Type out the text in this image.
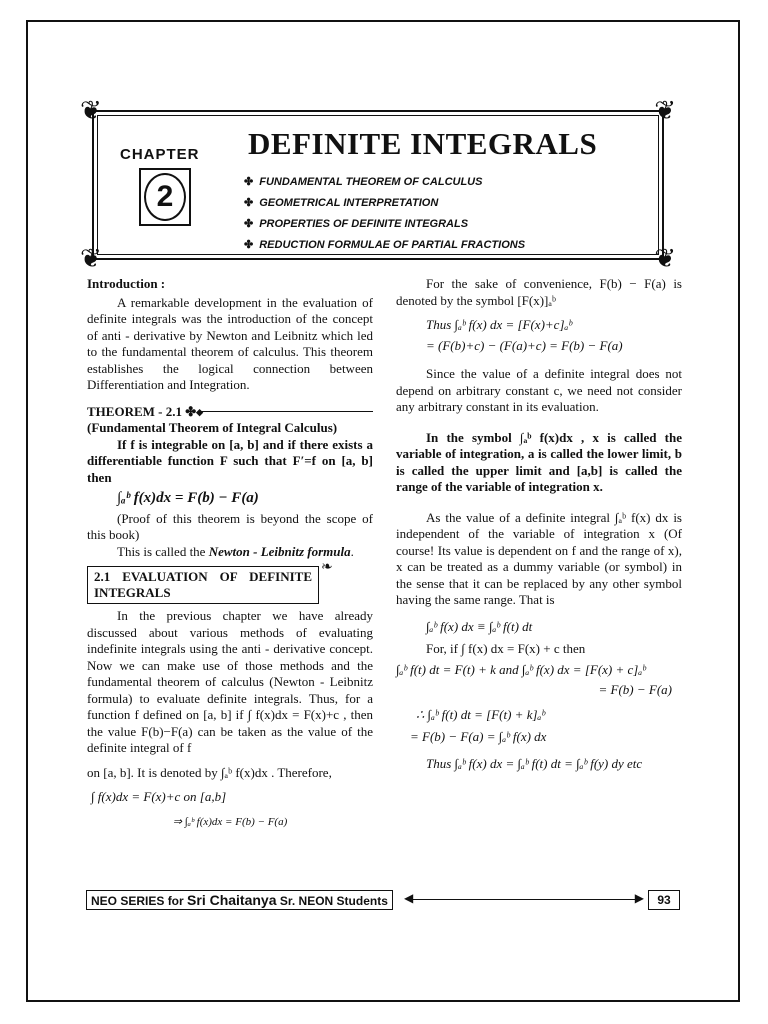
❦	❦
❦	❦
CHAPTER
2
DEFINITE INTEGRALS
✤ FUNDAMENTAL THEOREM OF CALCULUS
✤ GEOMETRICAL INTERPRETATION
✤ PROPERTIES OF DEFINITE INTEGRALS
✤ REDUCTION FORMULAE OF PARTIAL FRACTIONS

Introduction :

A remarkable development in the evaluation of definite integrals was the introduction of the concept of anti - derivative by Newton and Leibnitz which led to the fundamental theorem of calculus. This theorem establishes the logical connection between Differentiation and Integration.

THEOREM - 2.1 ✤
◆

(Fundamental Theorem of Integral Calculus)

If f is integrable on [a, b] and if there exists a differentiable function F such that F′=f on [a, b] then

∫ₐᵇ f(x)dx = F(b) − F(a)

(Proof of this theorem is beyond the scope of this book)

This is called the Newton - Leibnitz formula.

2.1 EVALUATION OF DEFINITE INTEGRALS❧

In the previous chapter we have already discussed about various methods of evaluating indefinite integrals using the anti - derivative concept. Now we can make use of those methods and the fundamental theorem of calculus (Newton - Leibnitz formula) to evaluate definite integrals. Thus, for a function f defined on [a, b] if ∫ f(x)dx = F(x)+c , then the value F(b)−F(a) can be taken as the value of the definite integral of f

on [a, b]. It is denoted by ∫ₐᵇ f(x)dx . Therefore,

∫ f(x)dx = F(x)+c on [a,b]

⇒ ∫ₐᵇ f(x)dx = F(b) − F(a)

For the sake of convenience, F(b) − F(a) is denoted by the symbol [F(x)]ₐᵇ

Thus ∫ₐᵇ f(x) dx = [F(x)+c]ₐᵇ

= (F(b)+c) − (F(a)+c) = F(b) − F(a)

Since the value of a definite integral does not depend on arbitrary constant c, we need not consider any arbitrary constant in its evaluation.

In the symbol ∫ₐᵇ f(x)dx , x is called the variable of integration, a is called the lower limit, b is called the upper limit and [a,b] is called the range of the variable of integration x.

As the value of a definite integral ∫ₐᵇ f(x) dx is independent of the variable of integration x (Of course! Its value is dependent on f and the range of x), x can be treated as a dummy variable (or symbol) in the sense that it can be replaced by any other symbol having the same range. That is

∫ₐᵇ f(x) dx ≡ ∫ₐᵇ f(t) dt

For, if ∫ f(x) dx = F(x) + c then

∫ₐᵇ f(t) dt = F(t) + k and ∫ₐᵇ f(x) dx = [F(x) + c]ₐᵇ

= F(b) − F(a)

∴ ∫ₐᵇ f(t) dt = [F(t) + k]ₐᵇ

= F(b) − F(a) = ∫ₐᵇ f(x) dx

Thus ∫ₐᵇ f(x) dx = ∫ₐᵇ f(t) dt = ∫ₐᵇ f(y) dy etc

NEO SERIES for Sri Chaitanya Sr. NEON Students
◀ ▶	93
